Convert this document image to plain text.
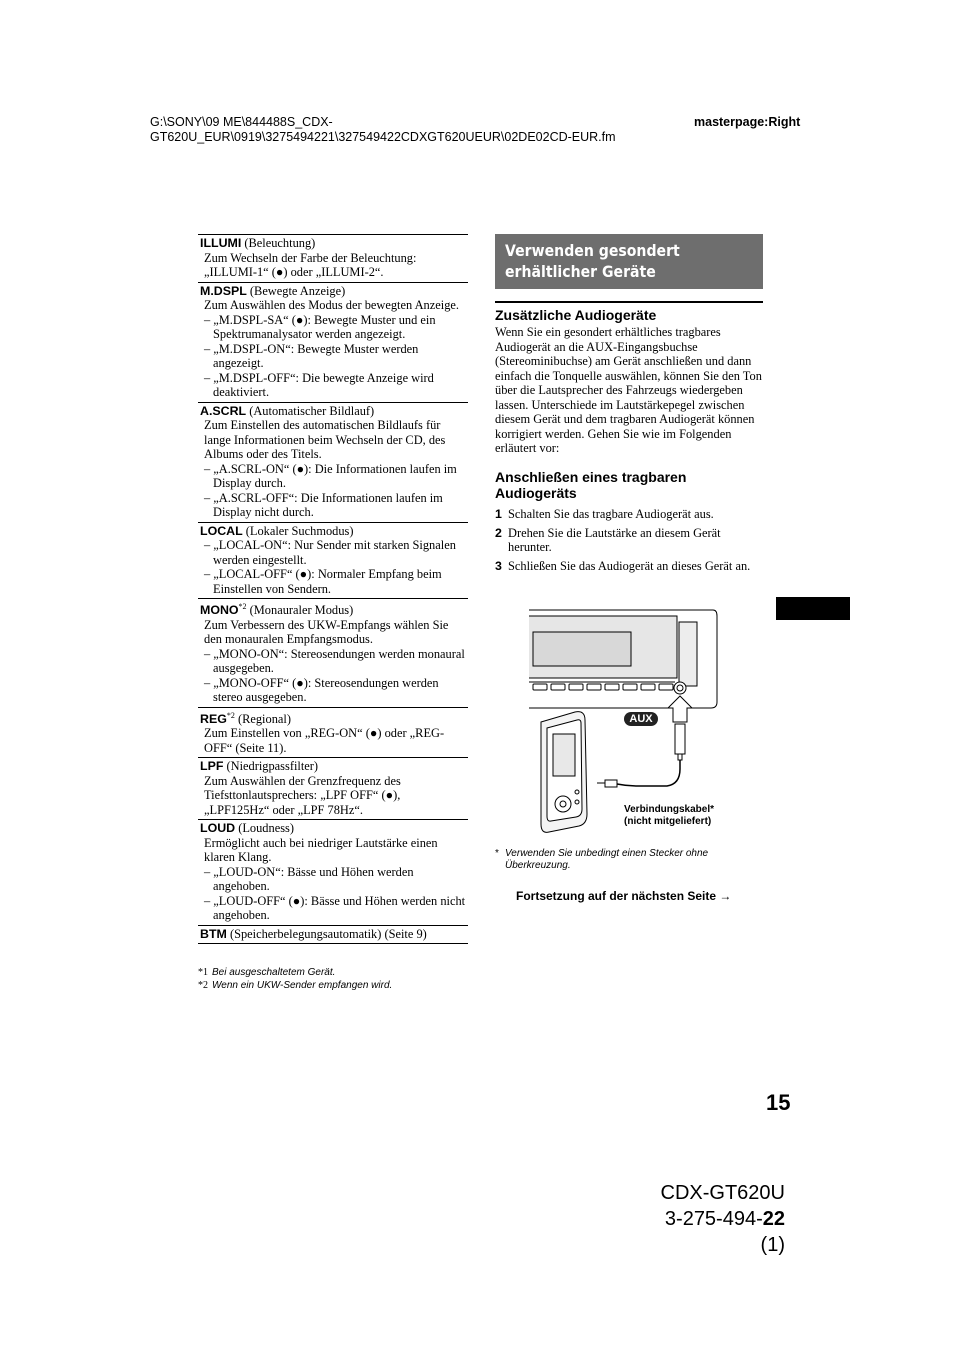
G:\SONY\09 ME\844488S_CDX-GT620U_EUR\0919\3275494221\327549422CDXGT620UEUR\02DE02CD-EUR.fm
masterpage:Right
ILLUMI (Beleuchtung)
Zum Wechseln der Farbe der Beleuchtung: „ILLUMI-1“ (●) oder „ILLUMI-2“.
M.DSPL (Bewegte Anzeige)
Zum Auswählen des Modus der bewegten Anzeige.
– „M.DSPL-SA“ (●): Bewegte Muster und ein Spektrumanalysator werden angezeigt.
– „M.DSPL-ON“: Bewegte Muster werden angezeigt.
– „M.DSPL-OFF“: Die bewegte Anzeige wird deaktiviert.
A.SCRL (Automatischer Bildlauf)
Zum Einstellen des automatischen Bildlaufs für lange Informationen beim Wechseln der CD, des Albums oder des Titels.
– „A.SCRL-ON“ (●): Die Informationen laufen im Display durch.
– „A.SCRL-OFF“: Die Informationen laufen im Display nicht durch.
LOCAL (Lokaler Suchmodus)
– „LOCAL-ON“: Nur Sender mit starken Signalen werden eingestellt.
– „LOCAL-OFF“ (●): Normaler Empfang beim Einstellen von Sendern.
MONO$^{*2}$ (Monauraler Modus)
Zum Verbessern des UKW-Empfangs wählen Sie den monauralen Empfangsmodus.
– „MONO-ON“: Stereosendungen werden monaural ausgegeben.
– „MONO-OFF“ (●): Stereosendungen werden stereo ausgegeben.
REG$^{*2}$ (Regional)
Zum Einstellen von „REG-ON“ (●) oder „REG-OFF“ (Seite 11).
LPF (Niedrigpassfilter)
Zum Auswählen der Grenzfrequenz des Tiefsttonlautsprechers: „LPF OFF“ (●), „LPF125Hz“ oder „LPF 78Hz“.
LOUD (Loudness)
Ermöglicht auch bei niedriger Lautstärke einen klaren Klang.
– „LOUD-ON“: Bässe und Höhen werden angehoben.
– „LOUD-OFF“ (●): Bässe und Höhen werden nicht angehoben.
BTM (Speicherbelegungsautomatik) (Seite 9)
*1 Bei ausgeschaltetem Gerät.
*2 Wenn ein UKW-Sender empfangen wird.
Verwenden gesondert erhältlicher Geräte
Zusätzliche Audiogeräte
Wenn Sie ein gesondert erhältliches tragbares Audiogerät an die AUX-Eingangsbuchse (Stereominibuchse) am Gerät anschließen und dann einfach die Tonquelle auswählen, können Sie den Ton über die Lautsprecher des Fahrzeugs wiedergeben lassen. Unterschiede im Lautstärkepegel zwischen diesem Gerät und dem tragbaren Audiogerät können korrigiert werden. Gehen Sie wie im Folgenden erläutert vor:
Anschließen eines tragbaren Audiogeräts
1 Schalten Sie das tragbare Audiogerät aus.
2 Drehen Sie die Lautstärke an diesem Gerät herunter.
3 Schließen Sie das Audiogerät an dieses Gerät an.
AUX
Verbindungskabel*
(nicht mitgeliefert)
* Verwenden Sie unbedingt einen Stecker ohne Überkreuzung.
Fortsetzung auf der nächsten Seite →
15
CDX-GT620U
3-275-494-22 (1)
